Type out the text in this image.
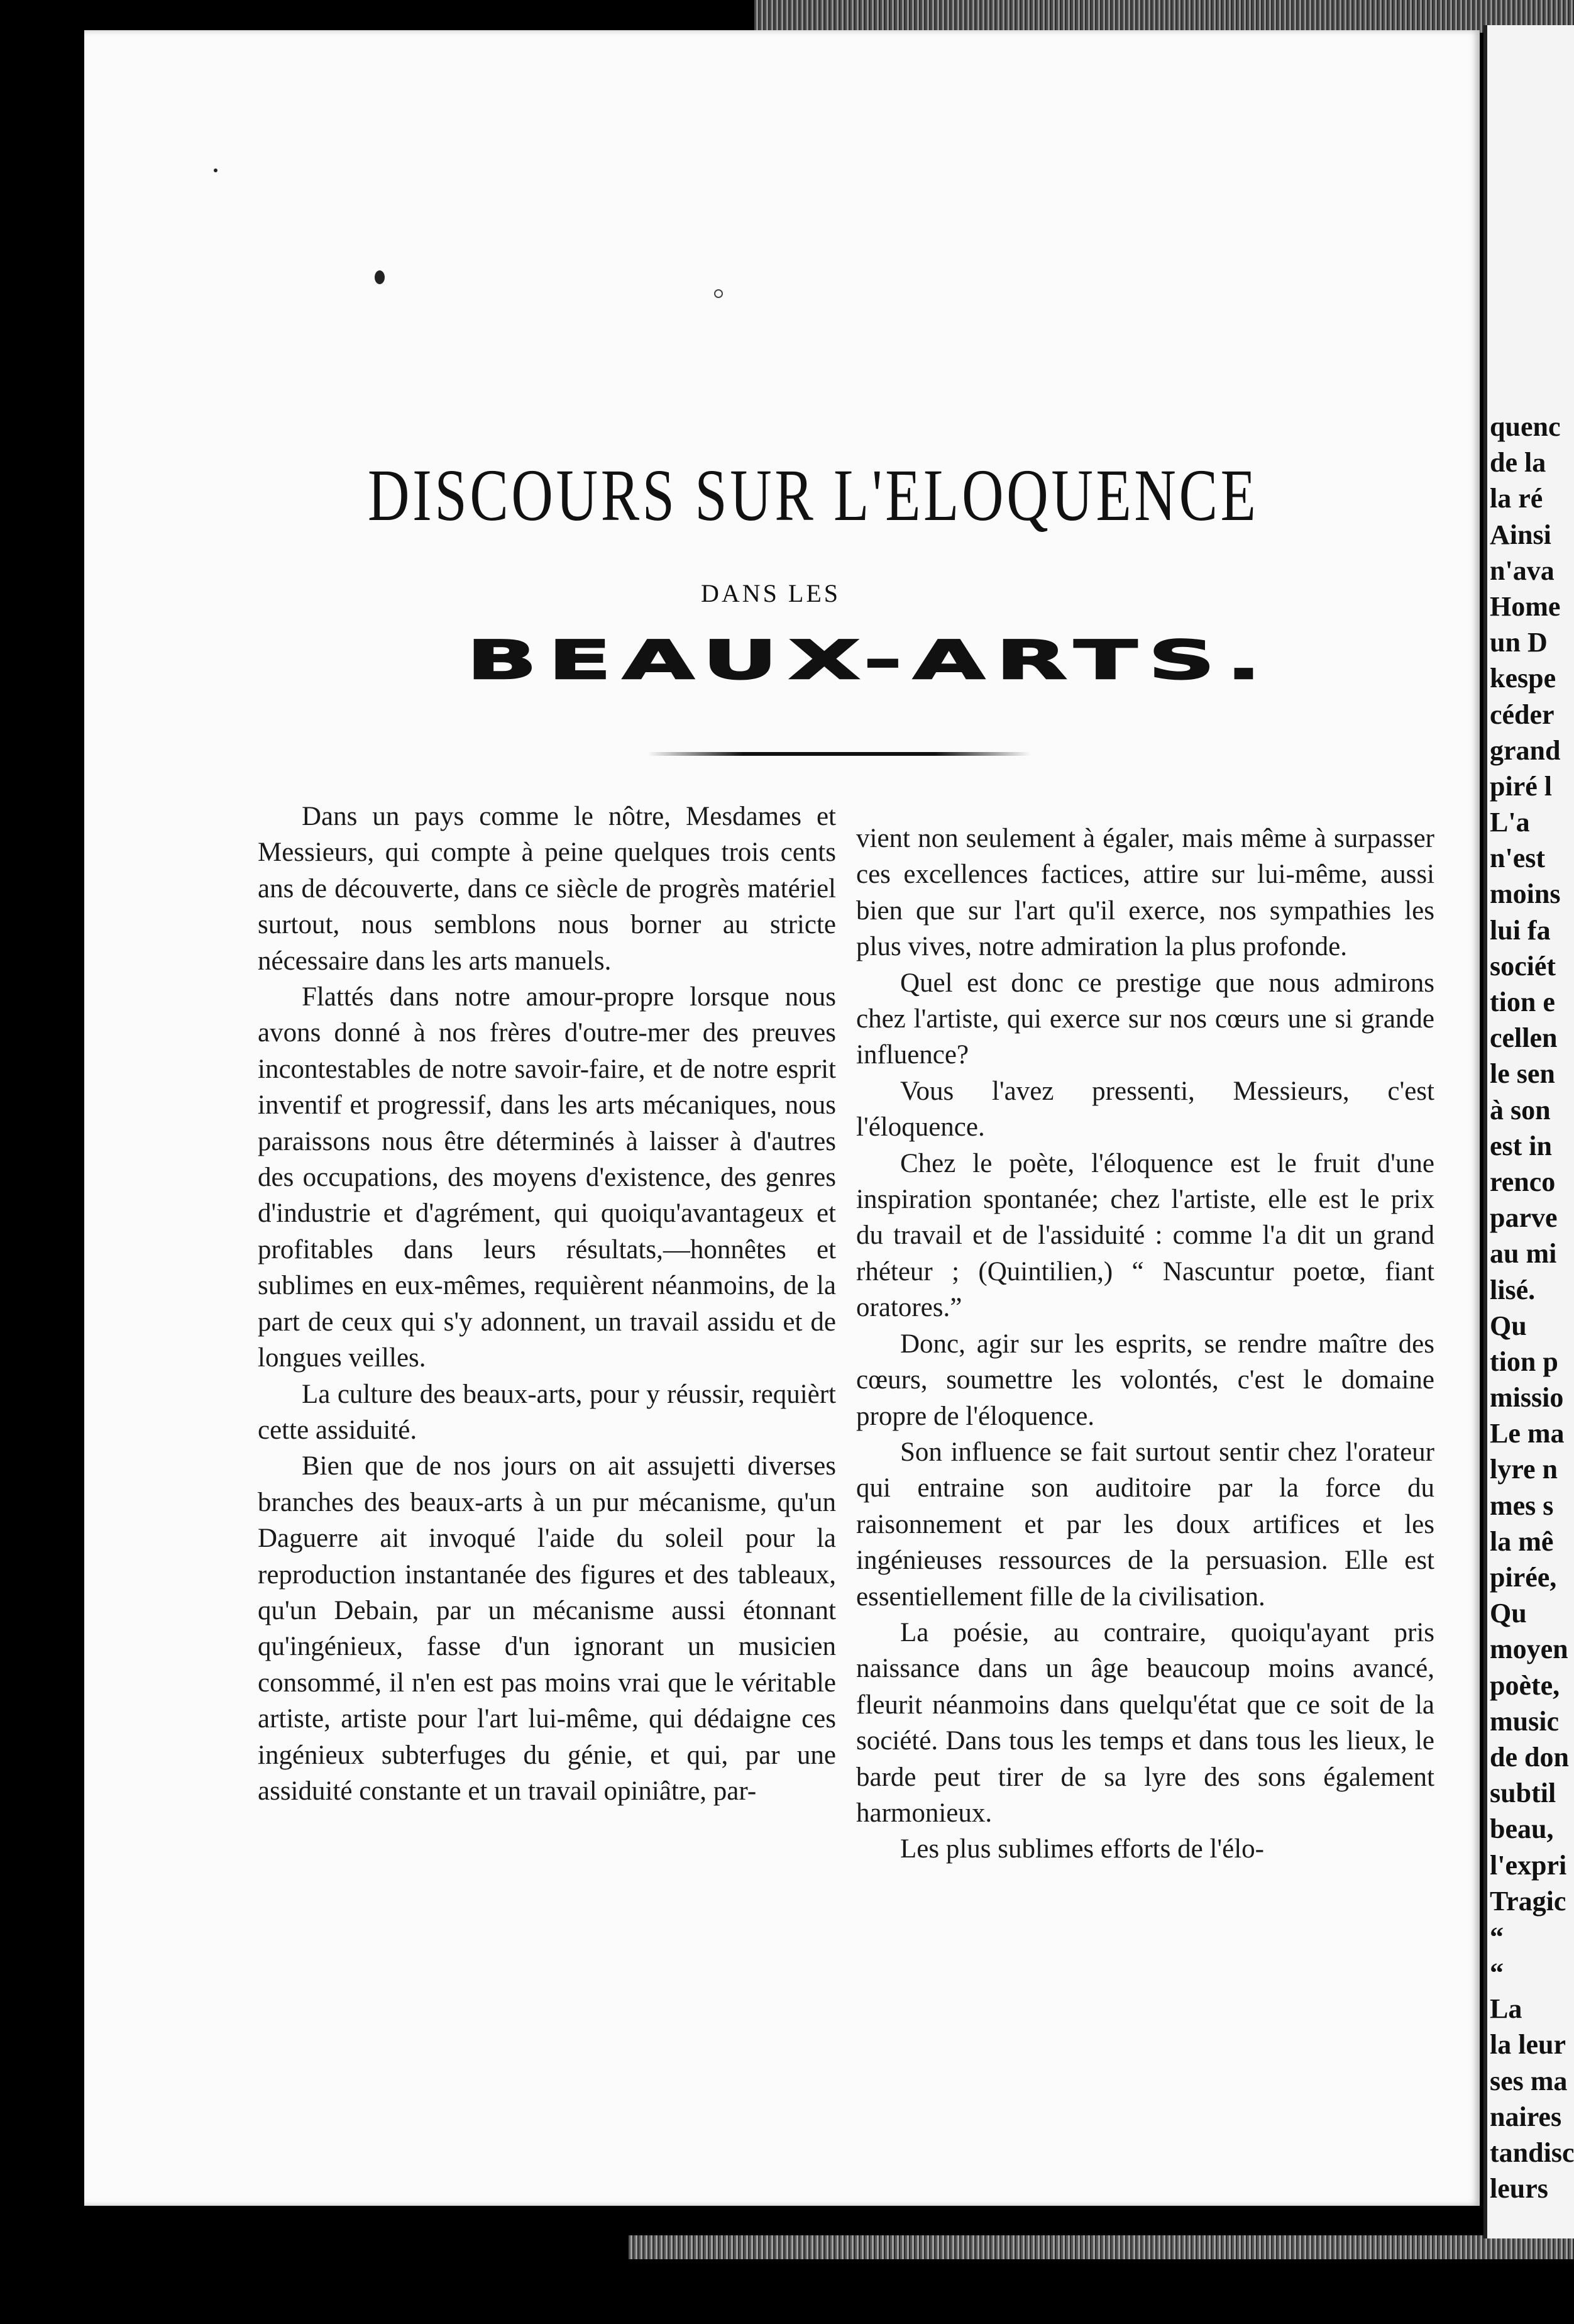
DISCOURS SUR L'ELOQUENCE
DANS LES
BEAUX-ARTS.

Dans un pays comme le nôtre, Mesdames et Messieurs, qui compte à peine quelques trois cents ans de découverte, dans ce siècle de progrès matériel surtout, nous semblons nous borner au stricte nécessaire dans les arts manuels.

Flattés dans notre amour-propre lorsque nous avons donné à nos frères d'outre-mer des preuves incontestables de notre savoir-faire, et de notre esprit inventif et progressif, dans les arts mécaniques, nous paraissons nous être déterminés à laisser à d'autres des occupations, des moyens d'existence, des genres d'industrie et d'agrément, qui quoiqu'avantageux et profitables dans leurs résultats,—honnêtes et sublimes en eux-mêmes, requièrent néanmoins, de la part de ceux qui s'y adonnent, un travail assidu et de longues veilles.

La culture des beaux-arts, pour y réussir, requièrt cette assiduité.

Bien que de nos jours on ait assujetti diverses branches des beaux-arts à un pur mécanisme, qu'un Daguerre ait invoqué l'aide du soleil pour la reproduction instantanée des figures et des tableaux, qu'un Debain, par un mécanisme aussi étonnant qu'ingénieux, fasse d'un ignorant un musicien consommé, il n'en est pas moins vrai que le véritable artiste, artiste pour l'art lui-même, qui dédaigne ces ingénieux subterfuges du génie, et qui, par une assiduité constante et un travail opiniâtre, par-

vient non seulement à égaler, mais même à surpasser ces excellences factices, attire sur lui-même, aussi bien que sur l'art qu'il exerce, nos sympathies les plus vives, notre admiration la plus profonde.

Quel est donc ce prestige que nous admirons chez l'artiste, qui exerce sur nos cœurs une si grande influence?

Vous l'avez pressenti, Messieurs, c'est l'éloquence.

Chez le poète, l'éloquence est le fruit d'une inspiration spontanée; chez l'artiste, elle est le prix du travail et de l'assiduité : comme l'a dit un grand rhéteur ; (Quintilien,) “ Nascuntur poetœ, fiant oratores.”

Donc, agir sur les esprits, se rendre maître des cœurs, soumettre les volontés, c'est le domaine propre de l'éloquence.

Son influence se fait surtout sentir chez l'orateur qui entraine son auditoire par la force du raisonnement et par les doux artifices et les ingénieuses ressources de la persuasion. Elle est essentiellement fille de la civilisation.

La poésie, au contraire, quoiqu'ayant pris naissance dans un âge beaucoup moins avancé, fleurit néanmoins dans quelqu'état que ce soit de la société. Dans tous les temps et dans tous les lieux, le barde peut tirer de sa lyre des sons également harmonieux.

Les plus sublimes efforts de l'élo-

quenc
de la
la ré
Ainsi
n'ava
Home
un D
kespe
céder
grand
piré l
L'a
n'est
moins
lui fa
sociét
tion e
cellen
le sen
à son
est in
renco
parve
au mi
lisé.
Qu
tion p
missio
Le ma
lyre n
mes s
la mê
pirée,
Qu
moyen
poète,
music
de don
subtil
beau,
l'expri
Tragic
“
“
La
la leur
ses ma
naires
tandisc
leurs
